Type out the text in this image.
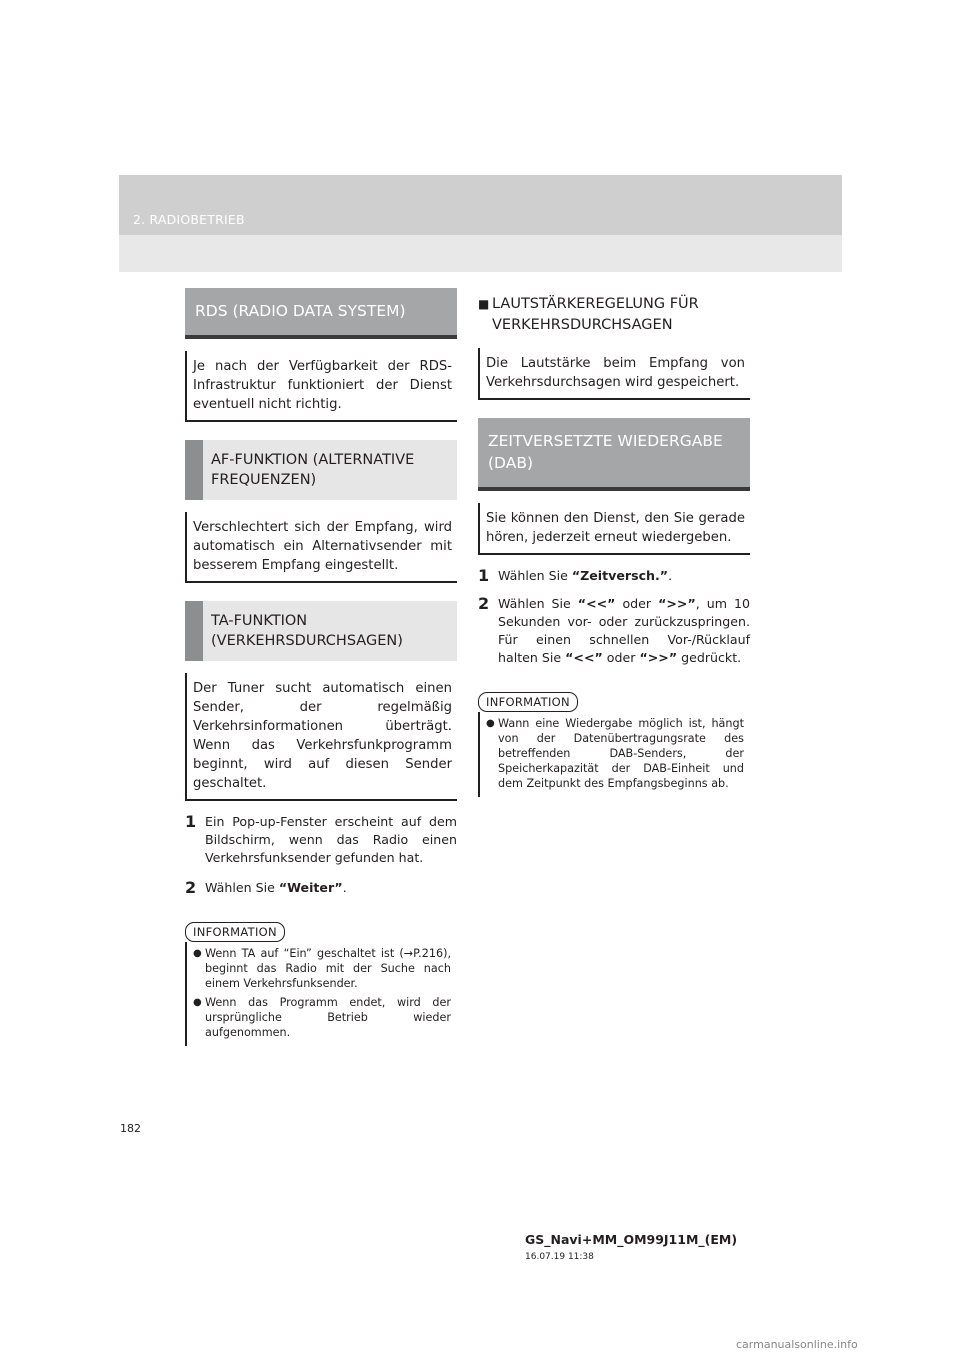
2. RADIOBETRIEB
RDS (RADIO DATA SYSTEM)
Je nach der Verfügbarkeit der RDS-Infrastruktur funktioniert der Dienst eventuell nicht richtig.
AF-FUNKTION (ALTERNATIVE FREQUENZEN)
Verschlechtert sich der Empfang, wird automatisch ein Alternativsender mit besserem Empfang eingestellt.
TA-FUNKTION (VERKEHRSDURCHSAGEN)
Der Tuner sucht automatisch einen Sender, der regelmäßig Verkehrsinformationen überträgt. Wenn das Verkehrsfunkprogramm beginnt, wird auf diesen Sender geschaltet.
1 Ein Pop-up-Fenster erscheint auf dem Bildschirm, wenn das Radio einen Verkehrsfunksender gefunden hat.
2 Wählen Sie “Weiter”.
INFORMATION
● Wenn TA auf “Ein” geschaltet ist (→P.216), beginnt das Radio mit der Suche nach einem Verkehrsfunksender.
● Wenn das Programm endet, wird der ursprüngliche Betrieb wieder aufgenommen.
■ LAUTSTÄRKEREGELUNG FÜR VERKEHRSDURCHSAGEN
Die Lautstärke beim Empfang von Verkehrsdurchsagen wird gespeichert.
ZEITVERSETZTE WIEDERGABE (DAB)
Sie können den Dienst, den Sie gerade hören, jederzeit erneut wiedergeben.
1 Wählen Sie “Zeitversch.”.
2 Wählen Sie “<<” oder “>>”, um 10 Sekunden vor- oder zurückzuspringen. Für einen schnellen Vor-/Rücklauf halten Sie “<<” oder “>>” gedrückt.
INFORMATION
● Wann eine Wiedergabe möglich ist, hängt von der Datenübertragungsrate des betreffenden DAB-Senders, der Speicherkapazität der DAB-Einheit und dem Zeitpunkt des Empfangsbeginns ab.
182
GS_Navi+MM_OM99J11M_(EM)
16.07.19 11:38
carmanualsonline.info
